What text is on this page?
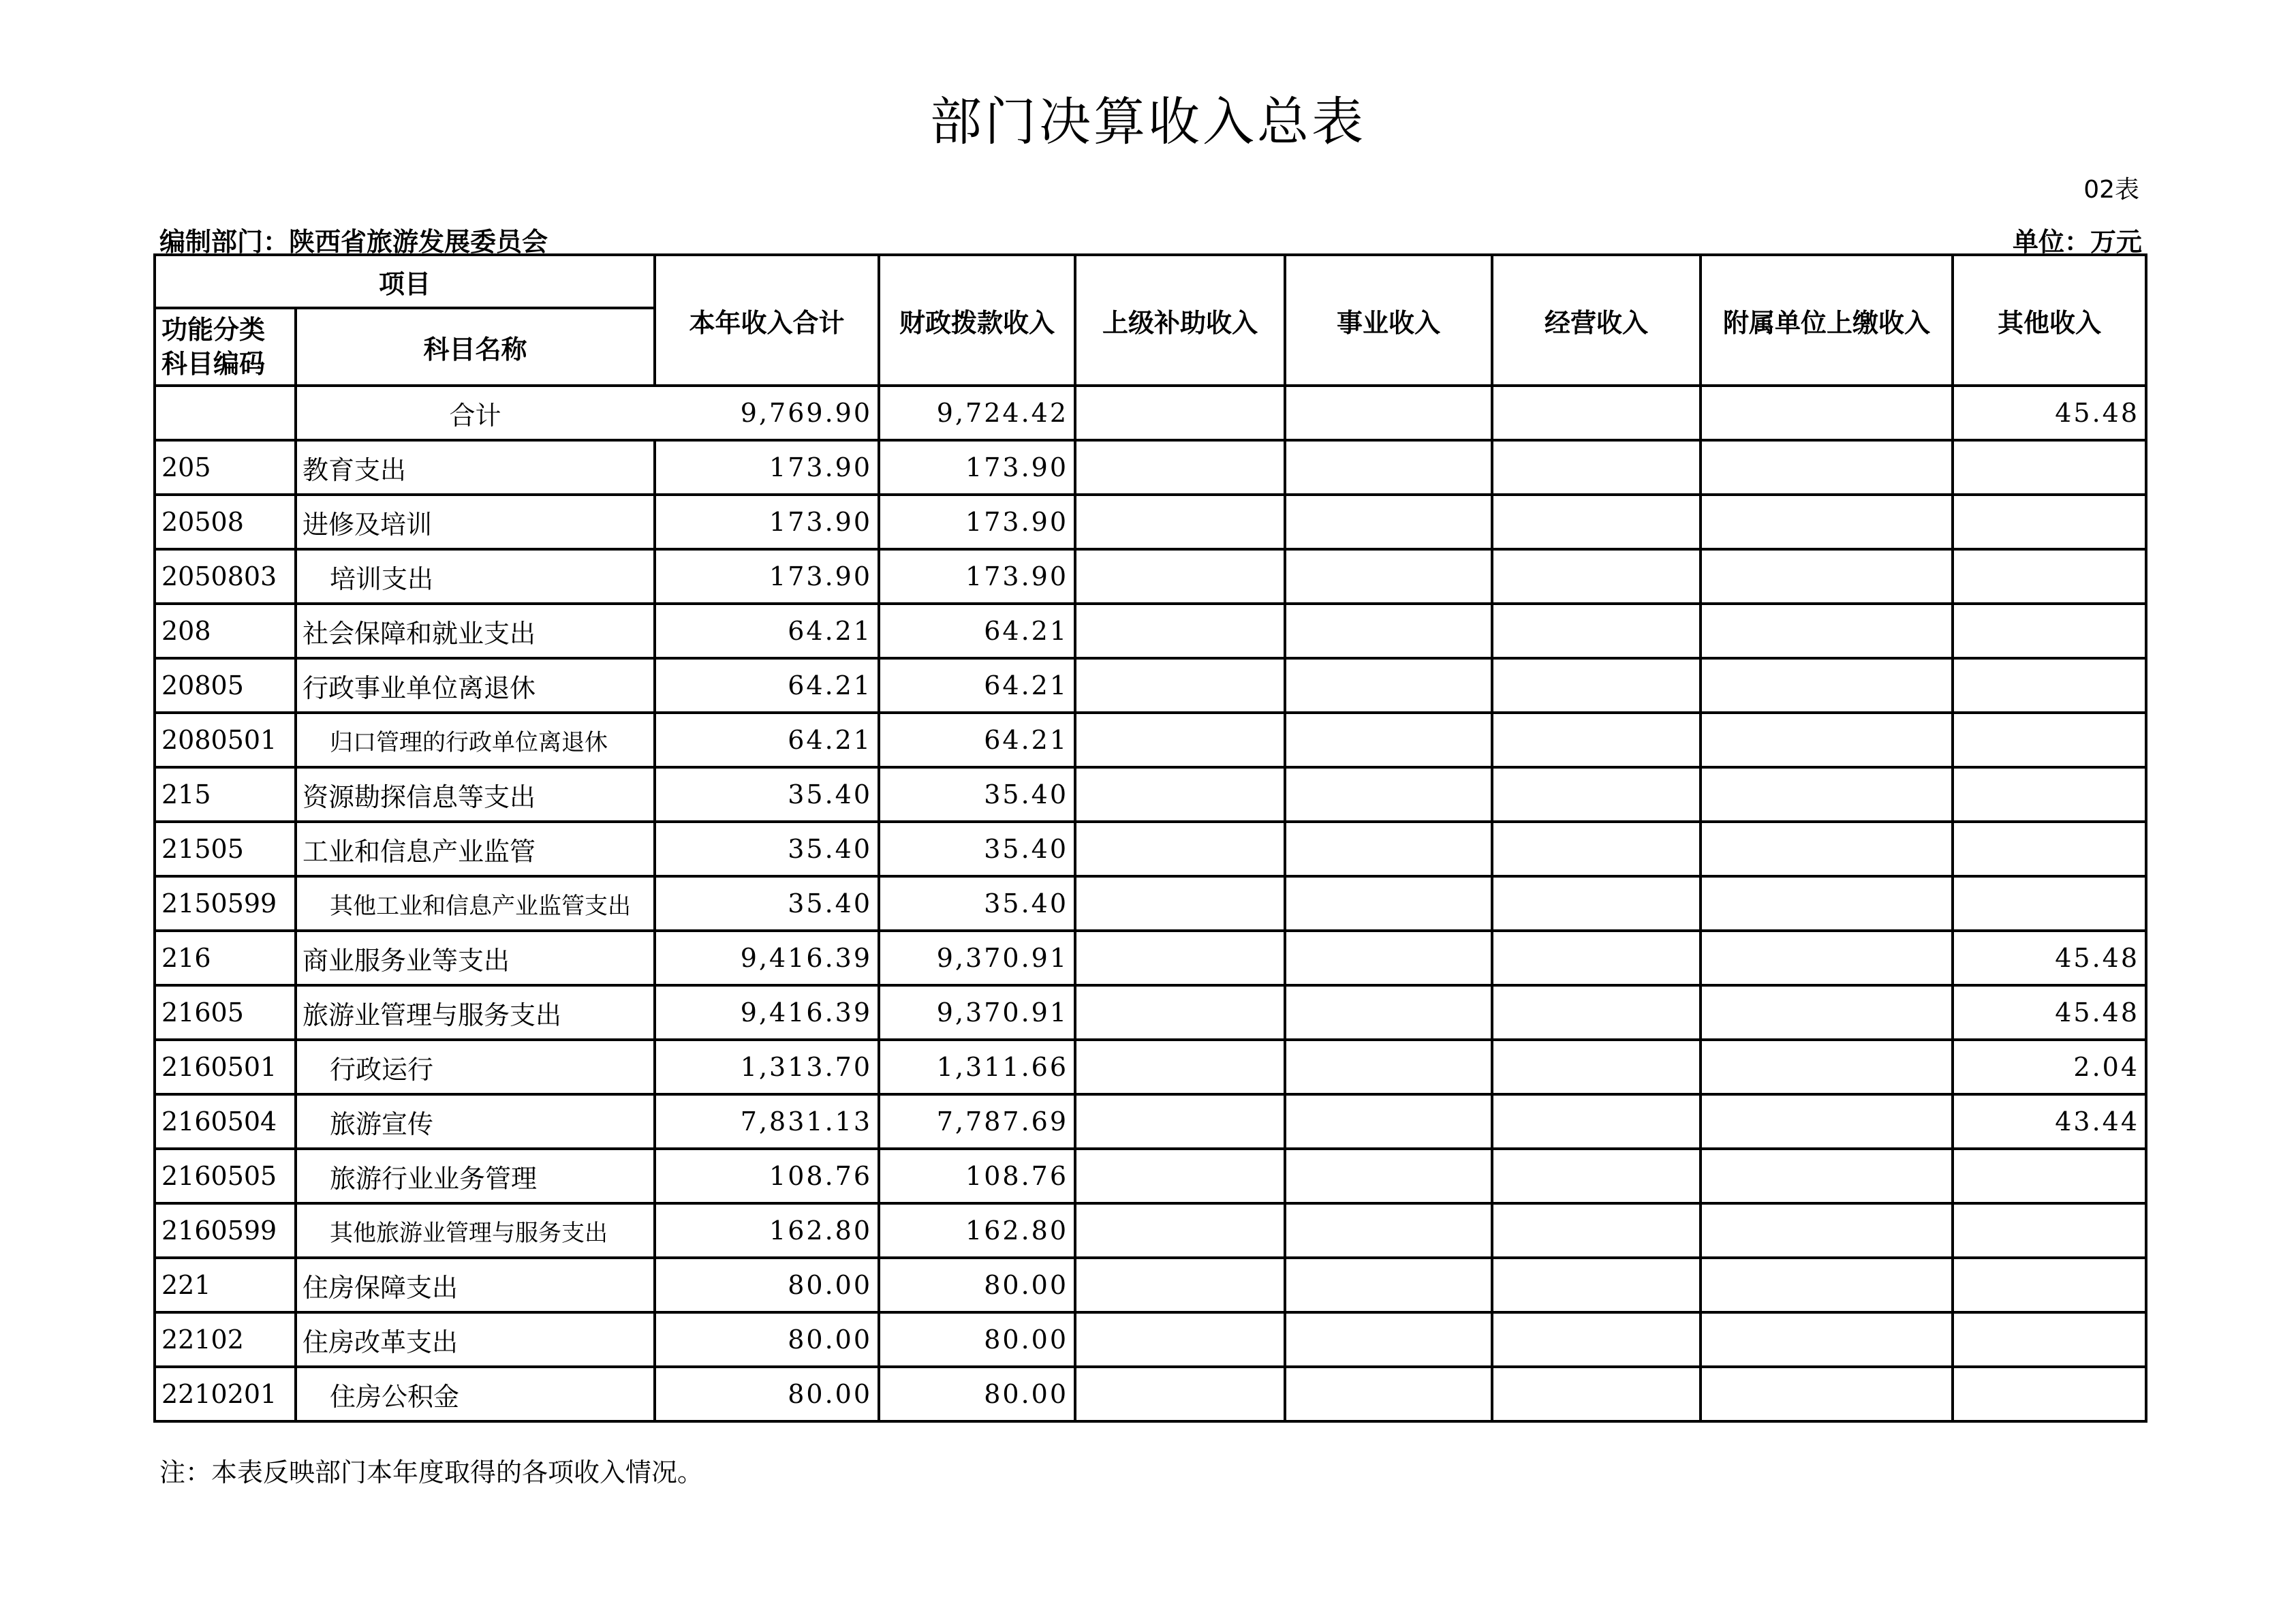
部门决算收入总表
02表
编制部门：陕西省旅游发展委员会	单位：万元
项目		本年收入合计	财政拨款收入	上级补助收入	事业收入	经营收入	附属单位上缴收入	其他收入
功能分类
科目编码	科目名称							
	合计	9,769.90	9,724.42					45.48
205	教育支出	173.90	173.90					
20508	进修及培训	173.90	173.90					
2050803	培训支出	173.90	173.90					
208	社会保障和就业支出	64.21	64.21					
20805	行政事业单位离退休	64.21	64.21					
2080501	归口管理的行政单位离退休	64.21	64.21					
215	资源勘探信息等支出	35.40	35.40					
21505	工业和信息产业监管	35.40	35.40					
2150599	其他工业和信息产业监管支出	35.40	35.40					
216	商业服务业等支出	9,416.39	9,370.91					45.48
21605	旅游业管理与服务支出	9,416.39	9,370.91					45.48
2160501	行政运行	1,313.70	1,311.66					2.04
2160504	旅游宣传	7,831.13	7,787.69					43.44
2160505	旅游行业业务管理	108.76	108.76					
2160599	其他旅游业管理与服务支出	162.80	162.80					
221	住房保障支出	80.00	80.00					
22102	住房改革支出	80.00	80.00					
2210201	住房公积金	80.00	80.00					
注：本表反映部门本年度取得的各项收入情况。
